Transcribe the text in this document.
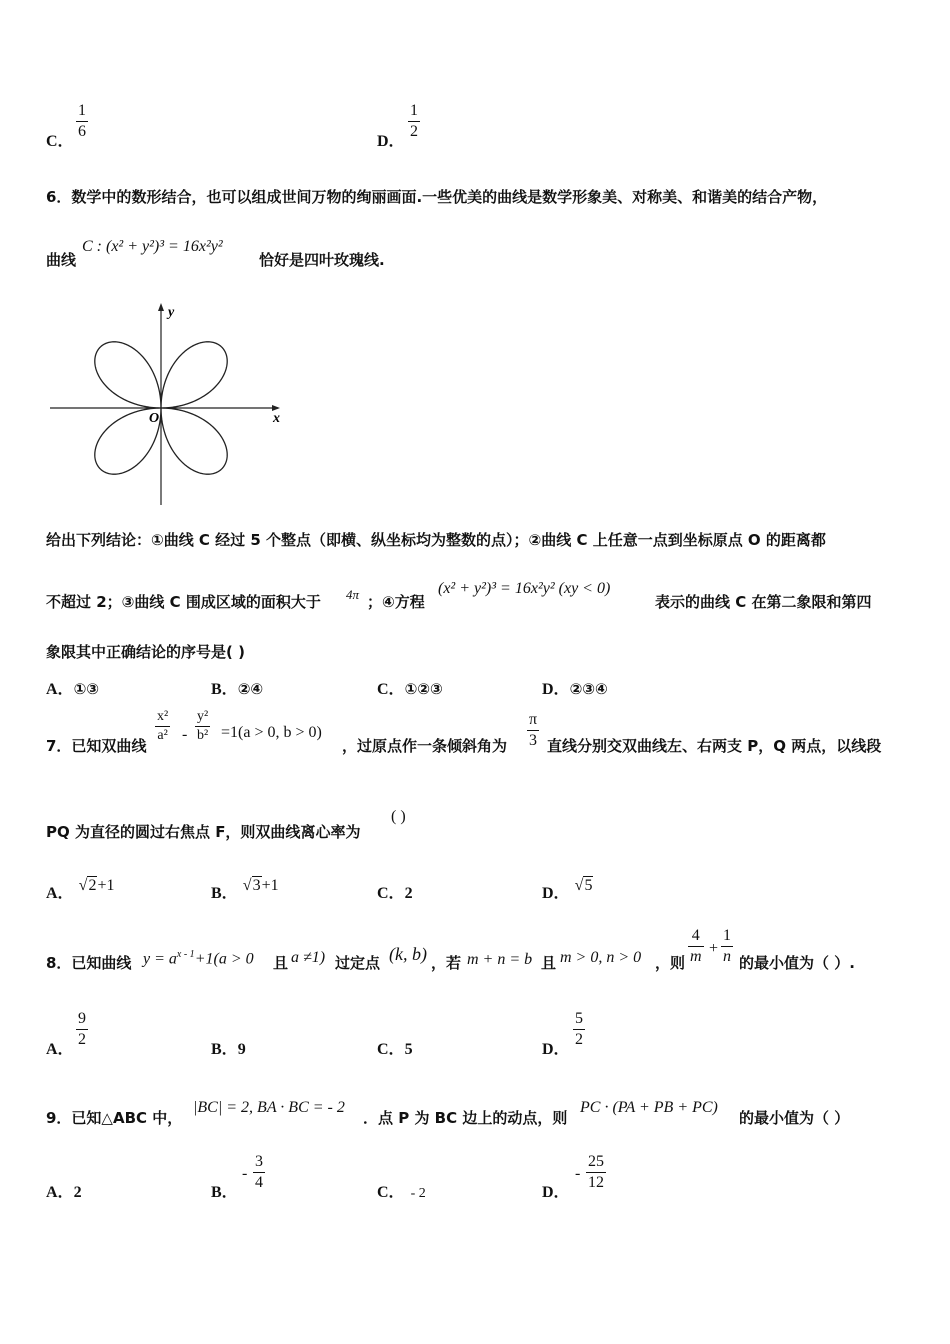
C．
1
6
D．
1
2
6．数学中的数形结合，也可以组成世间万物的绚丽画面.一些优美的曲线是数学形象美、对称美、和谐美的结合产物，
曲线
C : (x² + y²)³ = 16x²y²
恰好是四叶玫瑰线.
y
x
O
给出下列结论：①曲线 C 经过 5 个整点（即横、纵坐标均为整数的点）；②曲线 C 上任意一点到坐标原点 O 的距离都
不超过 2；③曲线 C 围成区域的面积大于 4π ；④方程
(x² + y²)³ = 16x²y² (xy < 0)
表示的曲线 C 在第二象限和第四
象限其中正确结论的序号是( )
A．①③	B．②④	C．①②③	D．②③④
7．已知双曲线
x²
a² -
y²
b² =1(a > 0, b > 0)
，过原点作一条倾斜角为
π
3 直线分别交双曲线左、右两支 P，Q 两点，以线段
PQ 为直径的圆过右焦点 F，则双曲线离心率为
( )
A． √2+1	B． √3+1	C．2	D． √5
8．已知曲线 $y = a^{x - 1}+1(a > 0$ 且 a ≠1) 过定点 (k, b) ，若 m + n = b 且 m > 0, n > 0 ，则
4
m +
1
n 的最小值为（ ）.
A．
9
2
B．9	C．5	D．
5
2
9．已知△ABC 中，
|BC| = 2, BA · BC = - 2
．点 P 为 BC 边上的动点，则
PC · (PA + PB + PC)
的最小值为（ ）
A．2	B．
-
3
4
C． - 2	D．
-
25
12
